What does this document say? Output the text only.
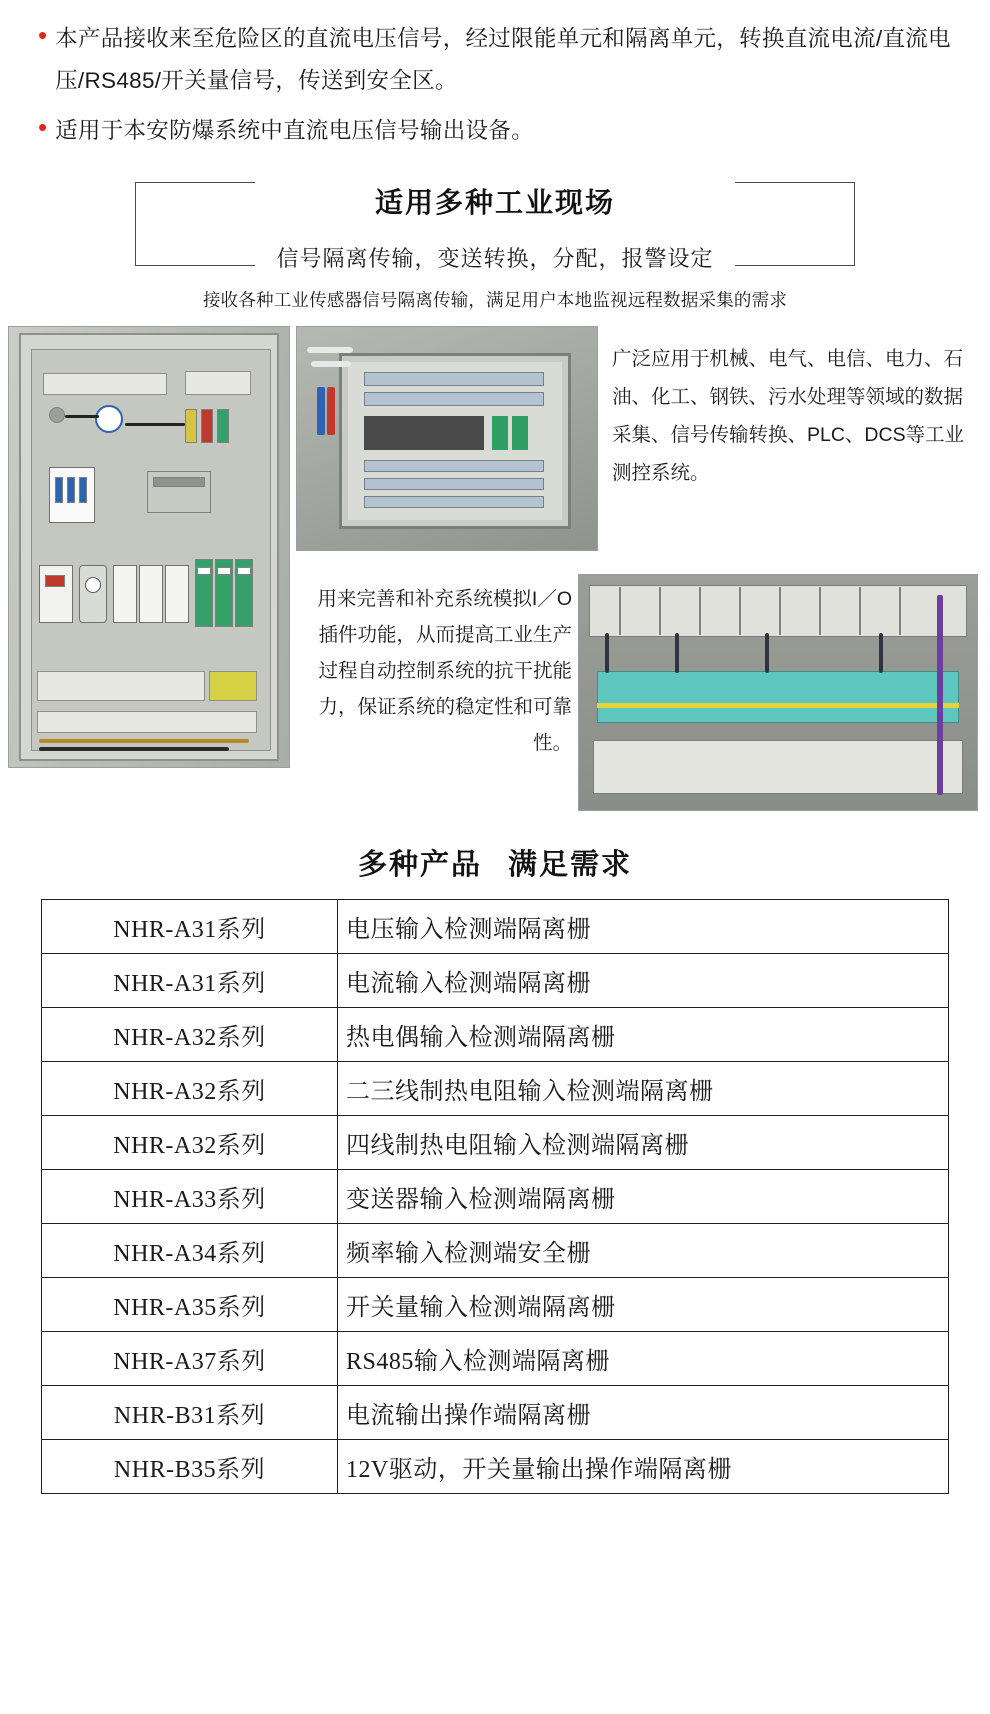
• 本产品接收来至危险区的直流电压信号，经过限能单元和隔离单元，转换直流电流/直流电压/RS485/开关量信号，传送到安全区。
• 适用于本安防爆系统中直流电压信号输出设备。
适用多种工业现场
信号隔离传输，变送转换，分配，报警设定
接收各种工业传感器信号隔离传输，满足用户本地监视远程数据采集的需求
广泛应用于机械、电气、电信、电力、石油、化工、钢铁、污水处理等领域的数据采集、信号传输转换、PLC、DCS等工业测控系统。
用来完善和补充系统模拟I／O插件功能，从而提高工业生产过程自动控制系统的抗干扰能力，保证系统的稳定性和可靠性。
多种产品 满足需求
NHR-A31系列	电压输入检测端隔离栅
NHR-A31系列	电流输入检测端隔离栅
NHR-A32系列	热电偶输入检测端隔离栅
NHR-A32系列	二三线制热电阻输入检测端隔离栅
NHR-A32系列	四线制热电阻输入检测端隔离栅
NHR-A33系列	变送器输入检测端隔离栅
NHR-A34系列	频率输入检测端安全栅
NHR-A35系列	开关量输入检测端隔离栅
NHR-A37系列	RS485输入检测端隔离栅
NHR-B31系列	电流输出操作端隔离栅
NHR-B35系列	12V驱动，开关量输出操作端隔离栅
